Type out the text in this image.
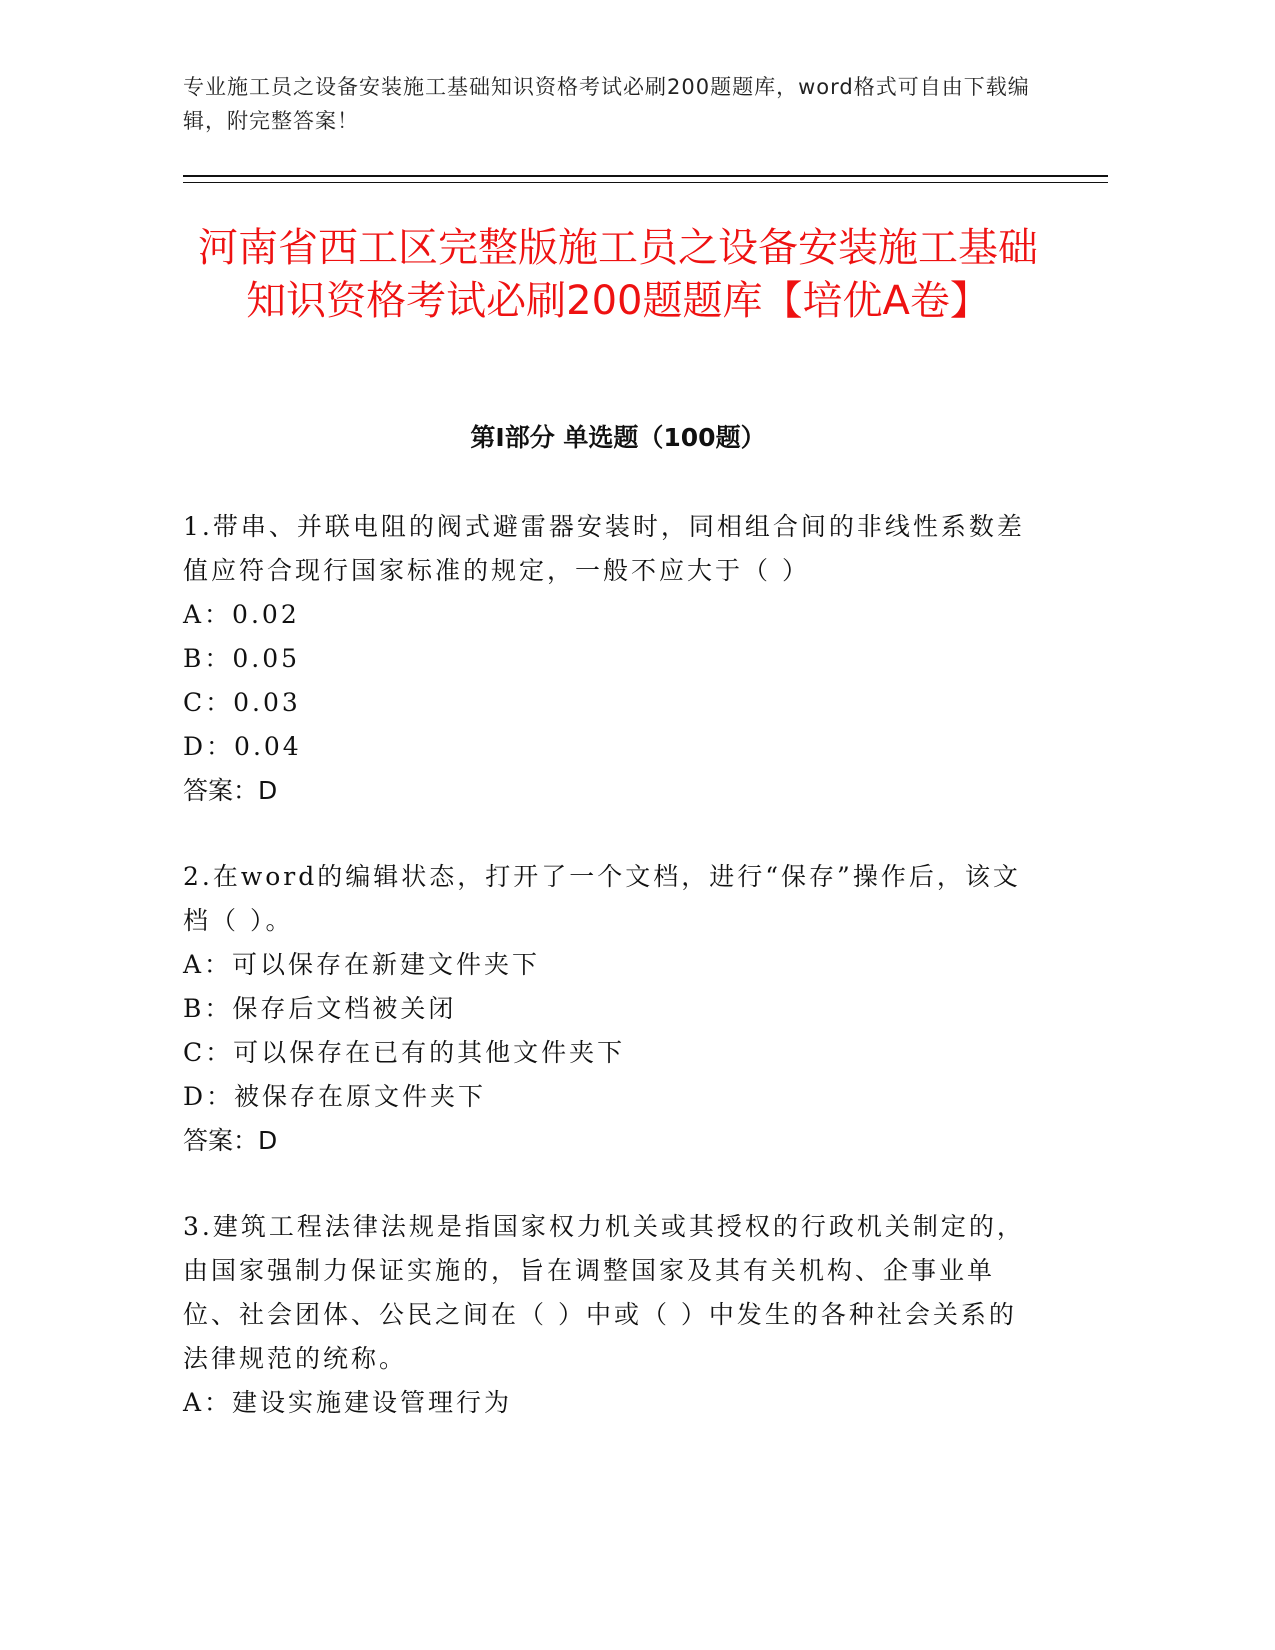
专业施工员之设备安装施工基础知识资格考试必刷200题题库，word格式可自由下载编辑，附完整答案！
河南省西工区完整版施工员之设备安装施工基础知识资格考试必刷200题题库【培优A卷】
第I部分 单选题（100题）

1.带串、并联电阻的阀式避雷器安装时，同相组合间的非线性系数差值应符合现行国家标准的规定，一般不应大于（ ）

A：0.02
B：0.05
C：0.03
D：0.04
答案：D

2.在word的编辑状态，打开了一个文档，进行“保存”操作后，该文档（ ）。

A：可以保存在新建文件夹下
B：保存后文档被关闭
C：可以保存在已有的其他文件夹下
D：被保存在原文件夹下
答案：D

3.建筑工程法律法规是指国家权力机关或其授权的行政机关制定的，由国家强制力保证实施的，旨在调整国家及其有关机构、企事业单位、社会团体、公民之间在（ ）中或（ ）中发生的各种社会关系的法律规范的统称。

A：建设实施建设管理行为
